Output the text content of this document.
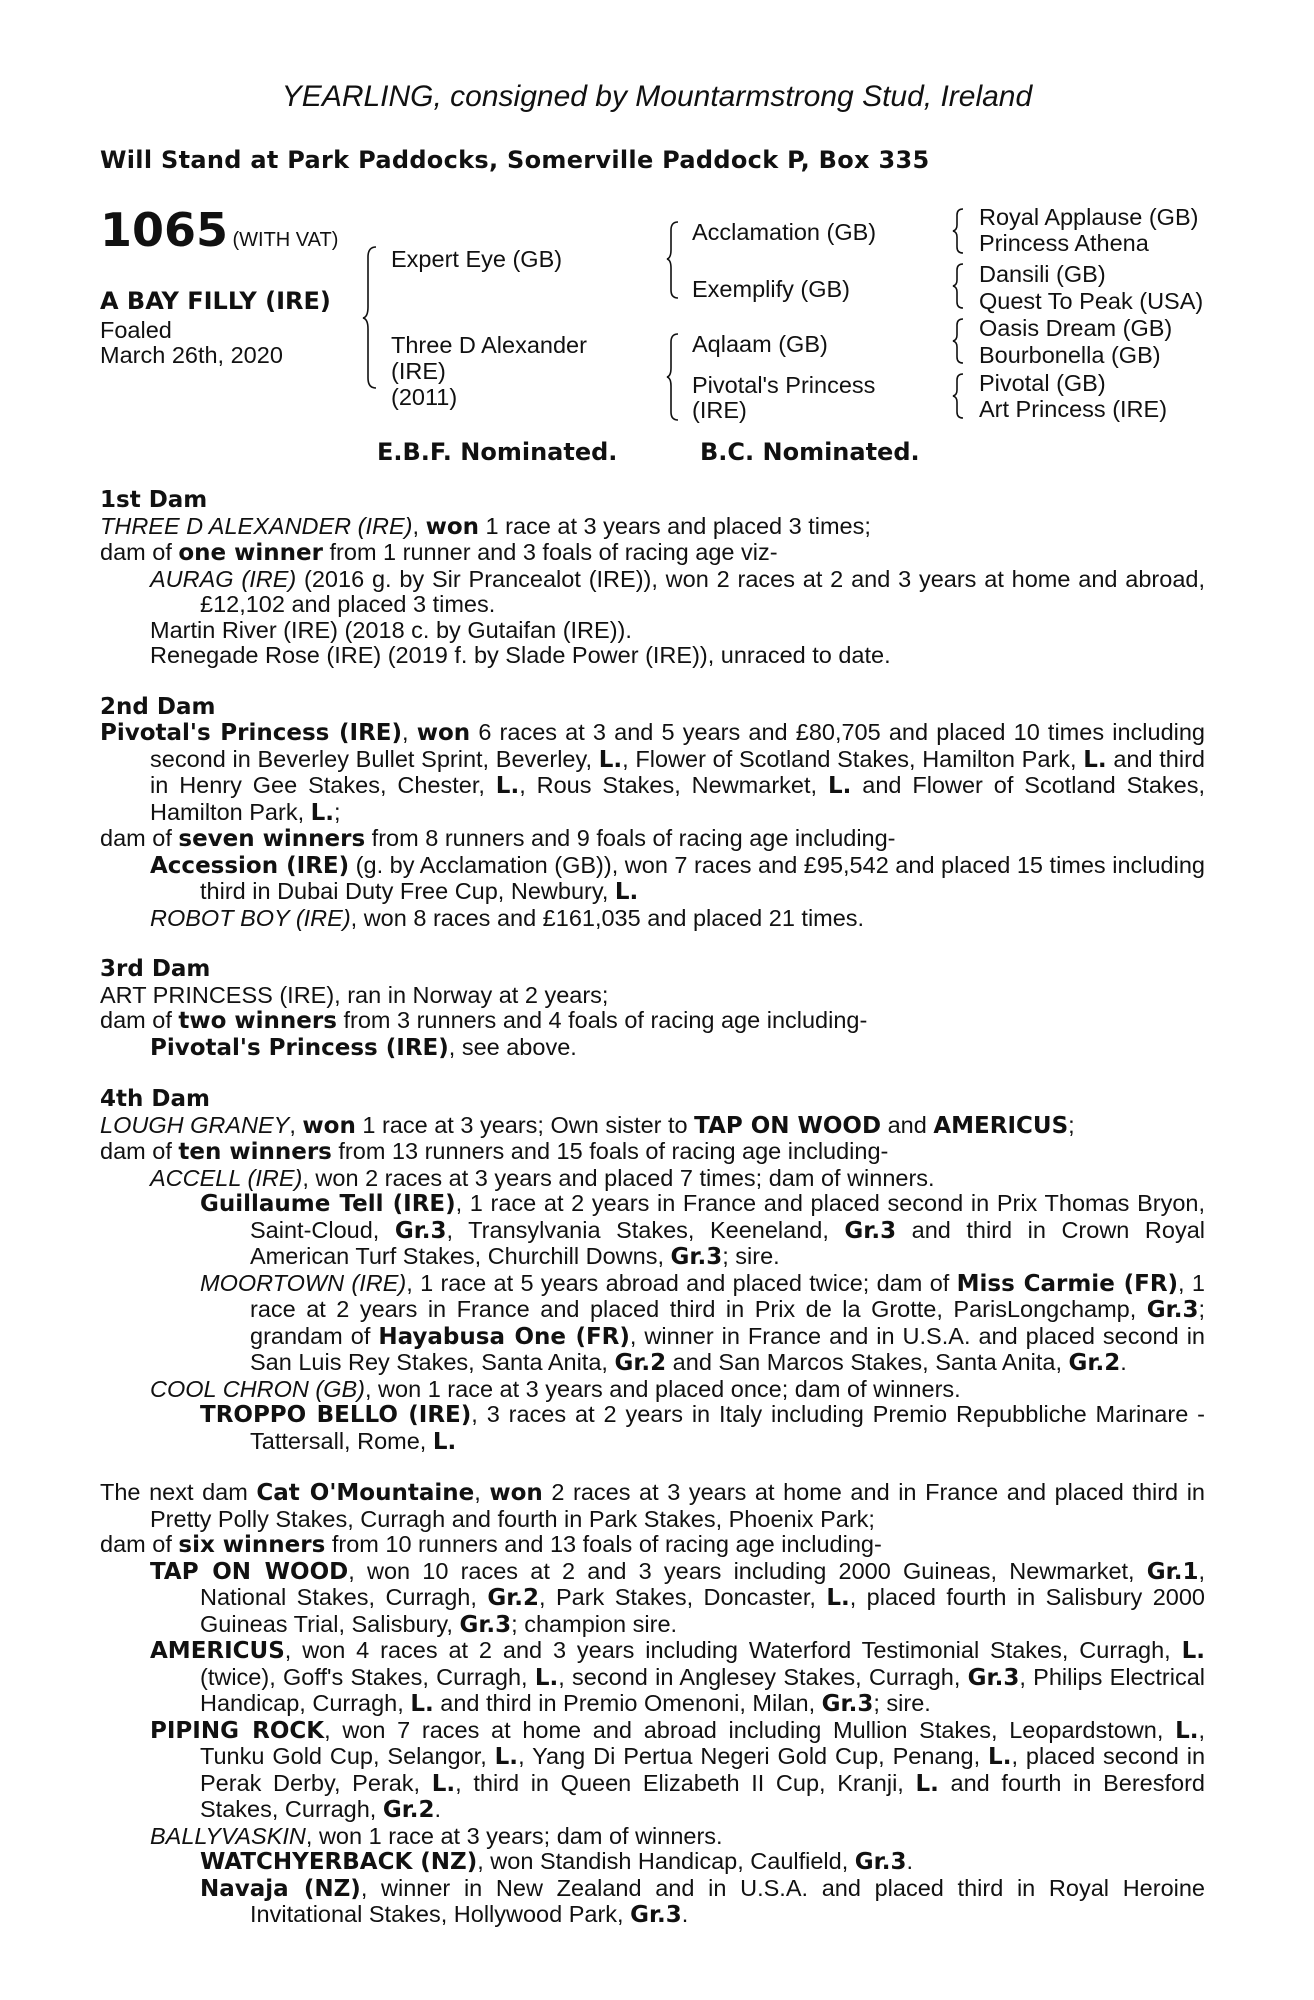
YEARLING, consigned by Mountarmstrong Stud, Ireland
Will Stand at Park Paddocks, Somerville Paddock P, Box 335
1065 (WITH VAT)
A BAY FILLY (IRE)
Foaled
March 26th, 2020
Expert Eye (GB)
Three D Alexander
(IRE)
(2011)
Acclamation (GB)
Exemplify (GB)
Aqlaam (GB)
Pivotal's Princess
(IRE)
Royal Applause (GB)
Princess Athena
Dansili (GB)
Quest To Peak (USA)
Oasis Dream (GB)
Bourbonella (GB)
Pivotal (GB)
Art Princess (IRE)
E.B.F. Nominated.	B.C. Nominated.

1st Dam

THREE D ALEXANDER (IRE), won 1 race at 3 years and placed 3 times;

dam of one winner from 1 runner and 3 foals of racing age viz-

AURAG (IRE) (2016 g. by Sir Prancealot (IRE)), won 2 races at 2 and 3 years at home and abroad, £12,102 and placed 3 times.

Martin River (IRE) (2018 c. by Gutaifan (IRE)).

Renegade Rose (IRE) (2019 f. by Slade Power (IRE)), unraced to date.

2nd Dam

Pivotal's Princess (IRE), won 6 races at 3 and 5 years and £80,705 and placed 10 times including second in Beverley Bullet Sprint, Beverley, L., Flower of Scotland Stakes, Hamilton Park, L. and third in Henry Gee Stakes, Chester, L., Rous Stakes, Newmarket, L. and Flower of Scotland Stakes, Hamilton Park, L.;

dam of seven winners from 8 runners and 9 foals of racing age including-

Accession (IRE) (g. by Acclamation (GB)), won 7 races and £95,542 and placed 15 times including third in Dubai Duty Free Cup, Newbury, L.

ROBOT BOY (IRE), won 8 races and £161,035 and placed 21 times.

3rd Dam

ART PRINCESS (IRE), ran in Norway at 2 years;

dam of two winners from 3 runners and 4 foals of racing age including-

Pivotal's Princess (IRE), see above.

4th Dam

LOUGH GRANEY, won 1 race at 3 years; Own sister to TAP ON WOOD and AMERICUS;

dam of ten winners from 13 runners and 15 foals of racing age including-

ACCELL (IRE), won 2 races at 3 years and placed 7 times; dam of winners.

Guillaume Tell (IRE), 1 race at 2 years in France and placed second in Prix Thomas Bryon, Saint-Cloud, Gr.3, Transylvania Stakes, Keeneland, Gr.3 and third in Crown Royal American Turf Stakes, Churchill Downs, Gr.3; sire.

MOORTOWN (IRE), 1 race at 5 years abroad and placed twice; dam of Miss Carmie (FR), 1 race at 2 years in France and placed third in Prix de la Grotte, ParisLongchamp, Gr.3; grandam of Hayabusa One (FR), winner in France and in U.S.A. and placed second in San Luis Rey Stakes, Santa Anita, Gr.2 and San Marcos Stakes, Santa Anita, Gr.2.

COOL CHRON (GB), won 1 race at 3 years and placed once; dam of winners.

TROPPO BELLO (IRE), 3 races at 2 years in Italy including Premio Repubbliche Marinare -Tattersall, Rome, L.

The next dam Cat O'Mountaine, won 2 races at 3 years at home and in France and placed third in Pretty Polly Stakes, Curragh and fourth in Park Stakes, Phoenix Park;

dam of six winners from 10 runners and 13 foals of racing age including-

TAP ON WOOD, won 10 races at 2 and 3 years including 2000 Guineas, Newmarket, Gr.1, National Stakes, Curragh, Gr.2, Park Stakes, Doncaster, L., placed fourth in Salisbury 2000 Guineas Trial, Salisbury, Gr.3; champion sire.

AMERICUS, won 4 races at 2 and 3 years including Waterford Testimonial Stakes, Curragh, L. (twice), Goff's Stakes, Curragh, L., second in Anglesey Stakes, Curragh, Gr.3, Philips Electrical Handicap, Curragh, L. and third in Premio Omenoni, Milan, Gr.3; sire.

PIPING ROCK, won 7 races at home and abroad including Mullion Stakes, Leopardstown, L., Tunku Gold Cup, Selangor, L., Yang Di Pertua Negeri Gold Cup, Penang, L., placed second in Perak Derby, Perak, L., third in Queen Elizabeth II Cup, Kranji, L. and fourth in Beresford Stakes, Curragh, Gr.2.

BALLYVASKIN, won 1 race at 3 years; dam of winners.

WATCHYERBACK (NZ), won Standish Handicap, Caulfield, Gr.3.

Navaja (NZ), winner in New Zealand and in U.S.A. and placed third in Royal Heroine Invitational Stakes, Hollywood Park, Gr.3.
